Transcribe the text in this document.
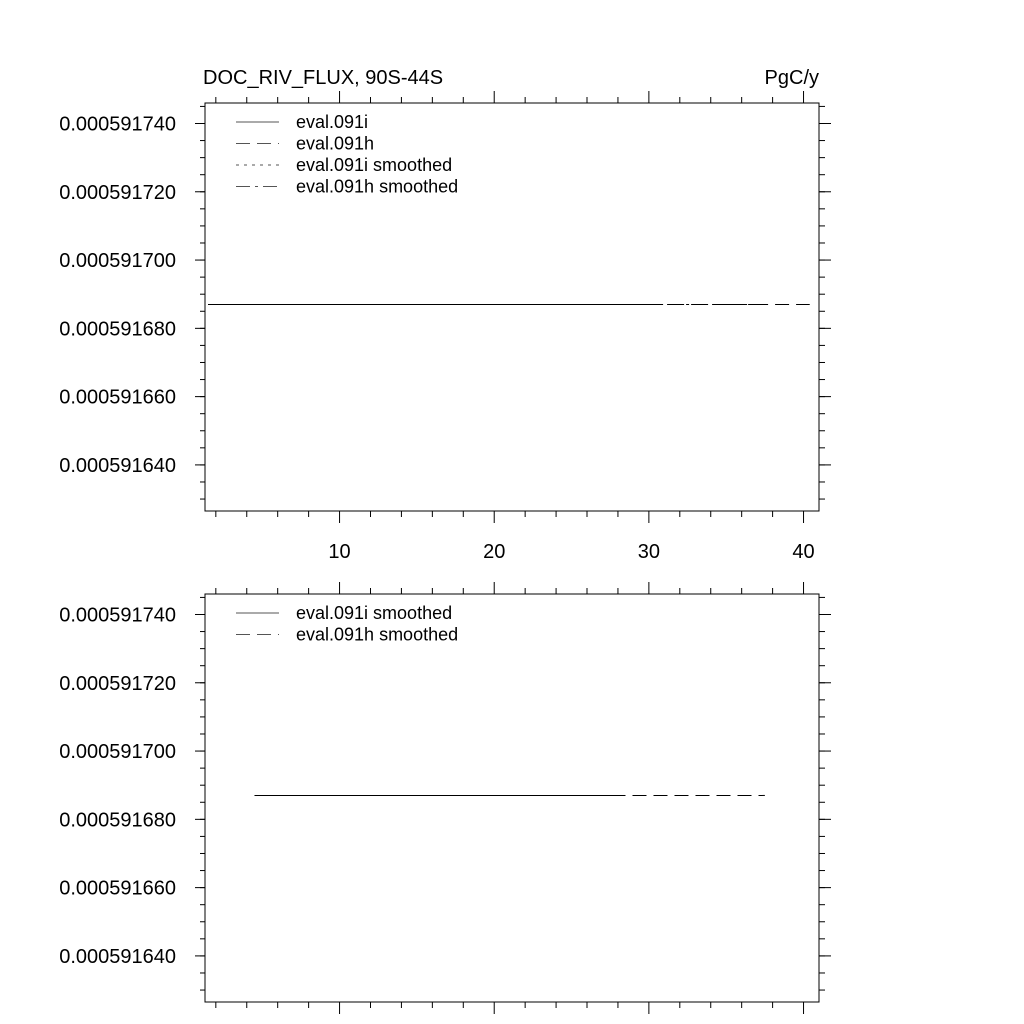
0.000591640
0.000591660
0.000591680
0.000591700
0.000591720
0.000591740
10	20	30	40
DOC_RIV_FLUX, 90S-44S	PgC/y
eval.091i
eval.091h
eval.091i smoothed
eval.091h smoothed
0.000591640
0.000591660
0.000591680
0.000591700
0.000591720
0.000591740	eval.091i smoothed
eval.091h smoothed
